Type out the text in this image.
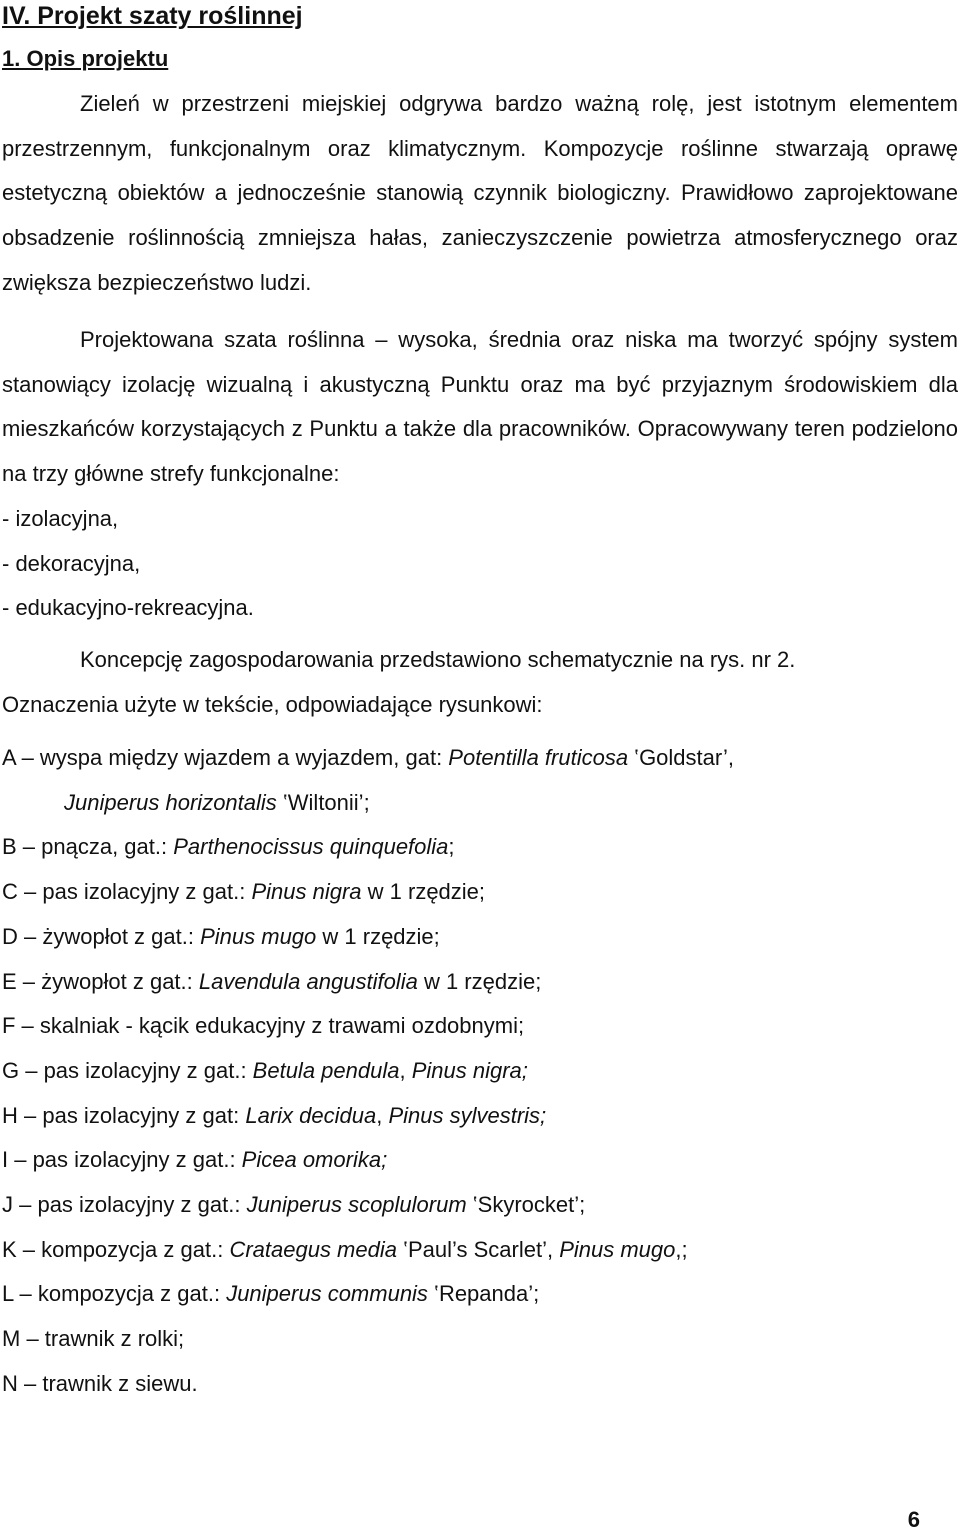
IV. Projekt szaty roślinnej
1. Opis projektu

Zieleń w przestrzeni miejskiej odgrywa bardzo ważną rolę, jest istotnym elementem przestrzennym, funkcjonalnym oraz klimatycznym. Kompozycje roślinne stwarzają oprawę estetyczną obiektów a jednocześnie stanowią czynnik biologiczny. Prawidłowo zaprojektowane obsadzenie roślinnością zmniejsza hałas, zanieczyszczenie powietrza atmosferycznego oraz zwiększa bezpieczeństwo ludzi.

Projektowana szata roślinna – wysoka, średnia oraz niska ma tworzyć spójny system stanowiący izolację wizualną i akustyczną Punktu oraz ma być przyjaznym środowiskiem dla mieszkańców korzystających z Punktu a także dla pracowników. Opracowywany teren podzielono na trzy główne strefy funkcjonalne:

- izolacyjna,
- dekoracyjna,
- edukacyjno-rekreacyjna.

Koncepcję zagospodarowania przedstawiono schematycznie na rys. nr 2.

Oznaczenia użyte w tekście, odpowiadające rysunkowi:

A – wyspa między wjazdem a wyjazdem, gat: Potentilla fruticosa ‛Goldstar’,
Juniperus horizontalis ‛Wiltonii’;
B – pnącza, gat.: Parthenocissus quinquefolia;
C – pas izolacyjny z gat.: Pinus nigra w 1 rzędzie;
D – żywopłot z gat.: Pinus mugo w 1 rzędzie;
E – żywopłot z gat.: Lavendula angustifolia w 1 rzędzie;
F – skalniak - kącik edukacyjny z trawami ozdobnymi;
G – pas izolacyjny z gat.: Betula pendula, Pinus nigra;
H – pas izolacyjny z gat: Larix decidua, Pinus sylvestris;
I – pas izolacyjny z gat.: Picea omorika;
J – pas izolacyjny z gat.: Juniperus scoplulorum ‛Skyrocket’;
K – kompozycja z gat.: Crataegus media ‛Paul’s Scarlet’, Pinus mugo,;
L – kompozycja z gat.: Juniperus communis ‛Repanda’;
M – trawnik z rolki;
N – trawnik z siewu.
6
